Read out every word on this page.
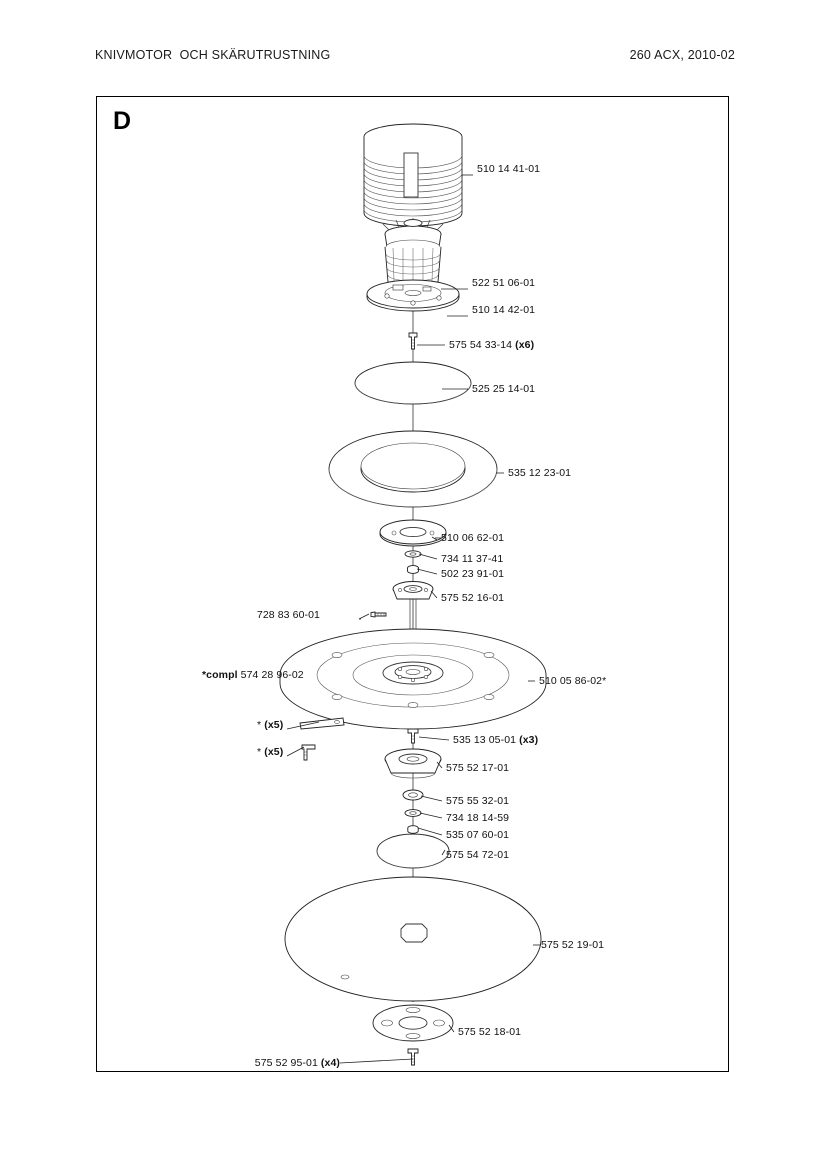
KNIVMOTOR  OCH SKÄRUTRUSTNING	260 ACX, 2010-02
D
510 14 41-01
522 51 06-01
510 14 42-01
575 54 33-14 (x6)
525 25 14-01
535 12 23-01
510 06 62-01
734 11 37-41
502 23 91-01
575 52 16-01
728 83 60-01
510 05 86-02*
535 13 05-01 (x3)
575 52 17-01
575 55 32-01
734 18 14-59
535 07 60-01
575 54 72-01
575 52 19-01
575 52 18-01
575 52 95-01 (x4)
*compl 574 28 96-02
* (x5)
* (x5)
